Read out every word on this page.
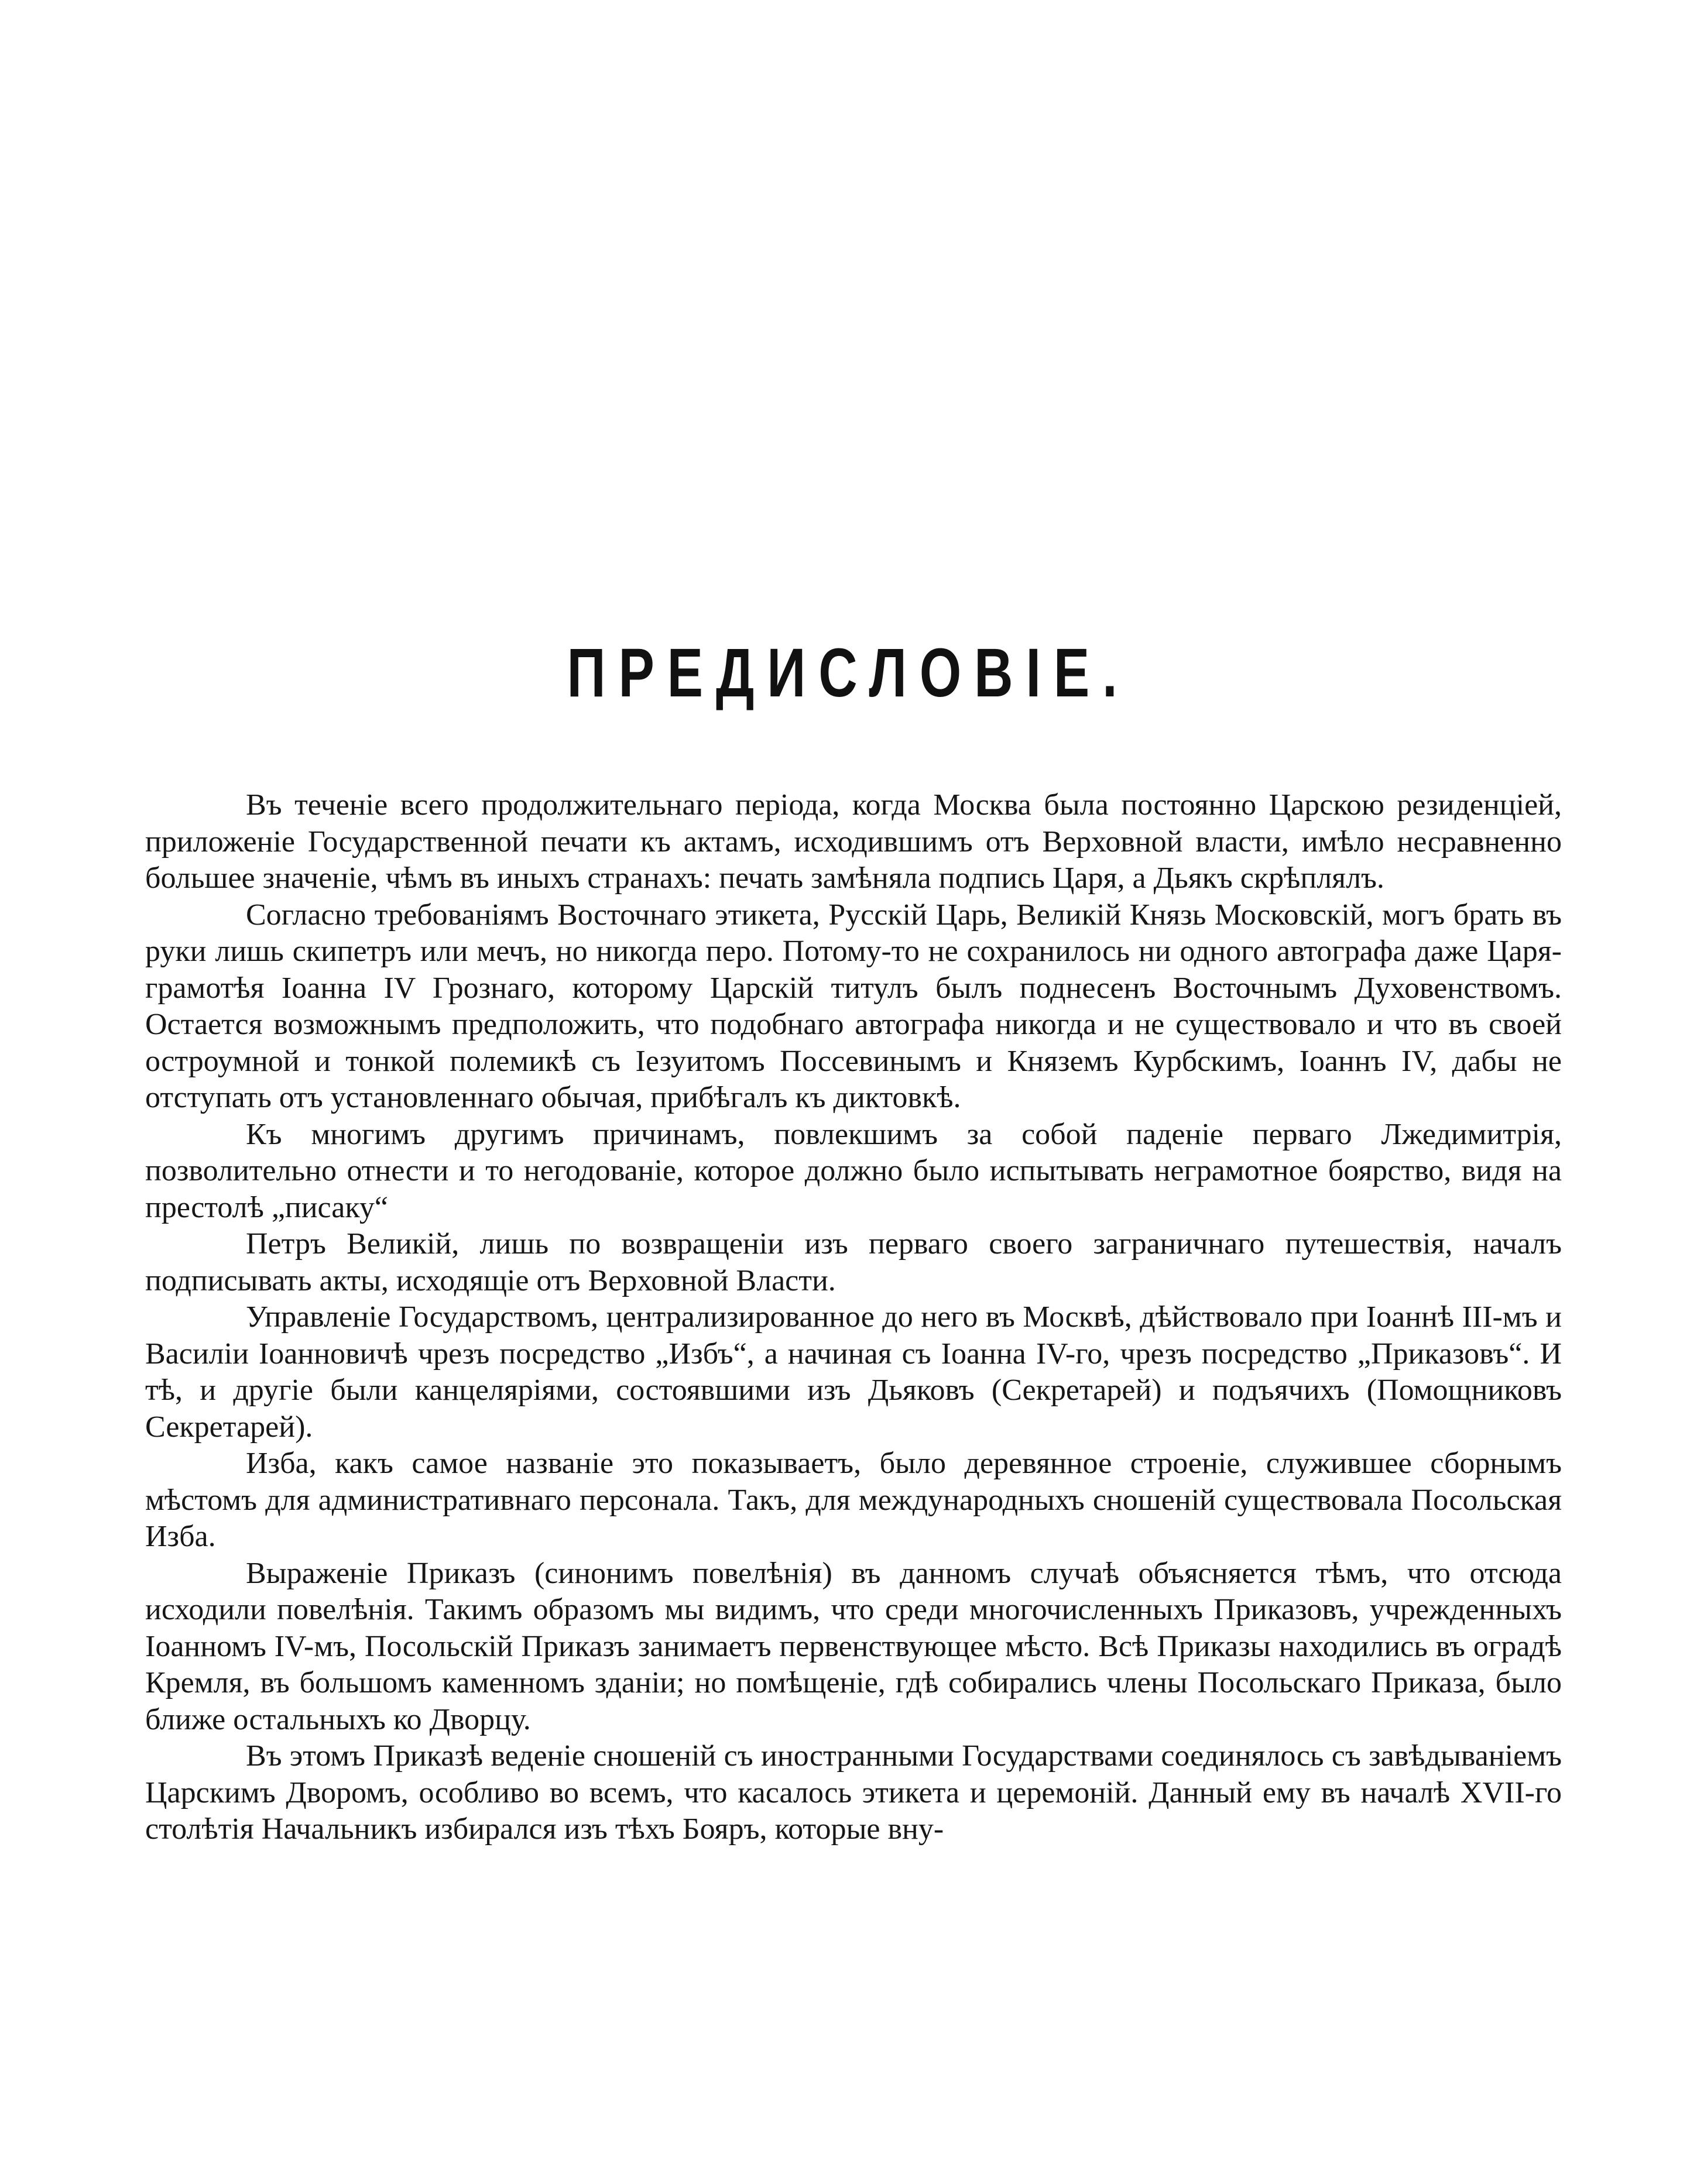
ПРЕДИСЛОВІЕ.

Въ теченіе всего продолжительнаго періода, когда Москва была постоянно Царскою резиденціей, приложеніе Государственной печати къ актамъ, исходившимъ отъ Верховной власти, имѣло несравненно большее значеніе, чѣмъ въ иныхъ странахъ: печать замѣняла подпись Царя, а Дьякъ скрѣплялъ.

Согласно требованіямъ Восточнаго этикета, Русскій Царь, Великій Князь Московскій, могъ брать въ руки лишь скипетръ или мечъ, но никогда перо. Потому-то не сохранилось ни одного автографа даже Царя-грамотѣя Іоанна IV Грознаго, которому Царскій титулъ былъ поднесенъ Восточнымъ Духовенствомъ. Остается возможнымъ предположить, что подобнаго автографа никогда и не существовало и что въ своей остроумной и тонкой полемикѣ съ Іезуитомъ Поссевинымъ и Княземъ Курбскимъ, Іоаннъ IV, дабы не отступать отъ установленнаго обычая, прибѣгалъ къ диктовкѣ.

Къ многимъ другимъ причинамъ, повлекшимъ за собой паденіе перваго Лжедимитрія, позволительно отнести и то негодованіе, которое должно было испытывать неграмотное боярство, видя на престолѣ „писаку“

Петръ Великій, лишь по возвращеніи изъ перваго своего заграничнаго путешествія, началъ подписывать акты, исходящіе отъ Верховной Власти.

Управленіе Государствомъ, централизированное до него въ Москвѣ, дѣйствовало при Іоаннѣ III-мъ и Василіи Іоанновичѣ чрезъ посредство „Избъ“, а начиная съ Іоанна IV-го, чрезъ посредство „Приказовъ“. И тѣ, и другіе были канцеляріями, состоявшими изъ Дьяковъ (Секретарей) и подъячихъ (Помощниковъ Секретарей).

Изба, какъ самое названіе это показываетъ, было деревянное строеніе, служившее сборнымъ мѣстомъ для административнаго персонала. Такъ, для международныхъ сношеній существовала Посольская Изба.

Выраженіе Приказъ (синонимъ повелѣнія) въ данномъ случаѣ объясняется тѣмъ, что отсюда исходили повелѣнія. Такимъ образомъ мы видимъ, что среди многочисленныхъ Приказовъ, учрежденныхъ Іоанномъ IV-мъ, Посольскій Приказъ занимаетъ первенствующее мѣсто. Всѣ Приказы находились въ оградѣ Кремля, въ большомъ каменномъ зданіи; но помѣщеніе, гдѣ собирались члены Посольскаго Приказа, было ближе остальныхъ ко Дворцу.

Въ этомъ Приказѣ веденіе сношеній съ иностранными Государствами соединялось съ завѣдываніемъ Царскимъ Дворомъ, особливо во всемъ, что касалось этикета и церемоній. Данный ему въ началѣ XVII-го столѣтія Начальникъ избирался изъ тѣхъ Бояръ, которые вну-
